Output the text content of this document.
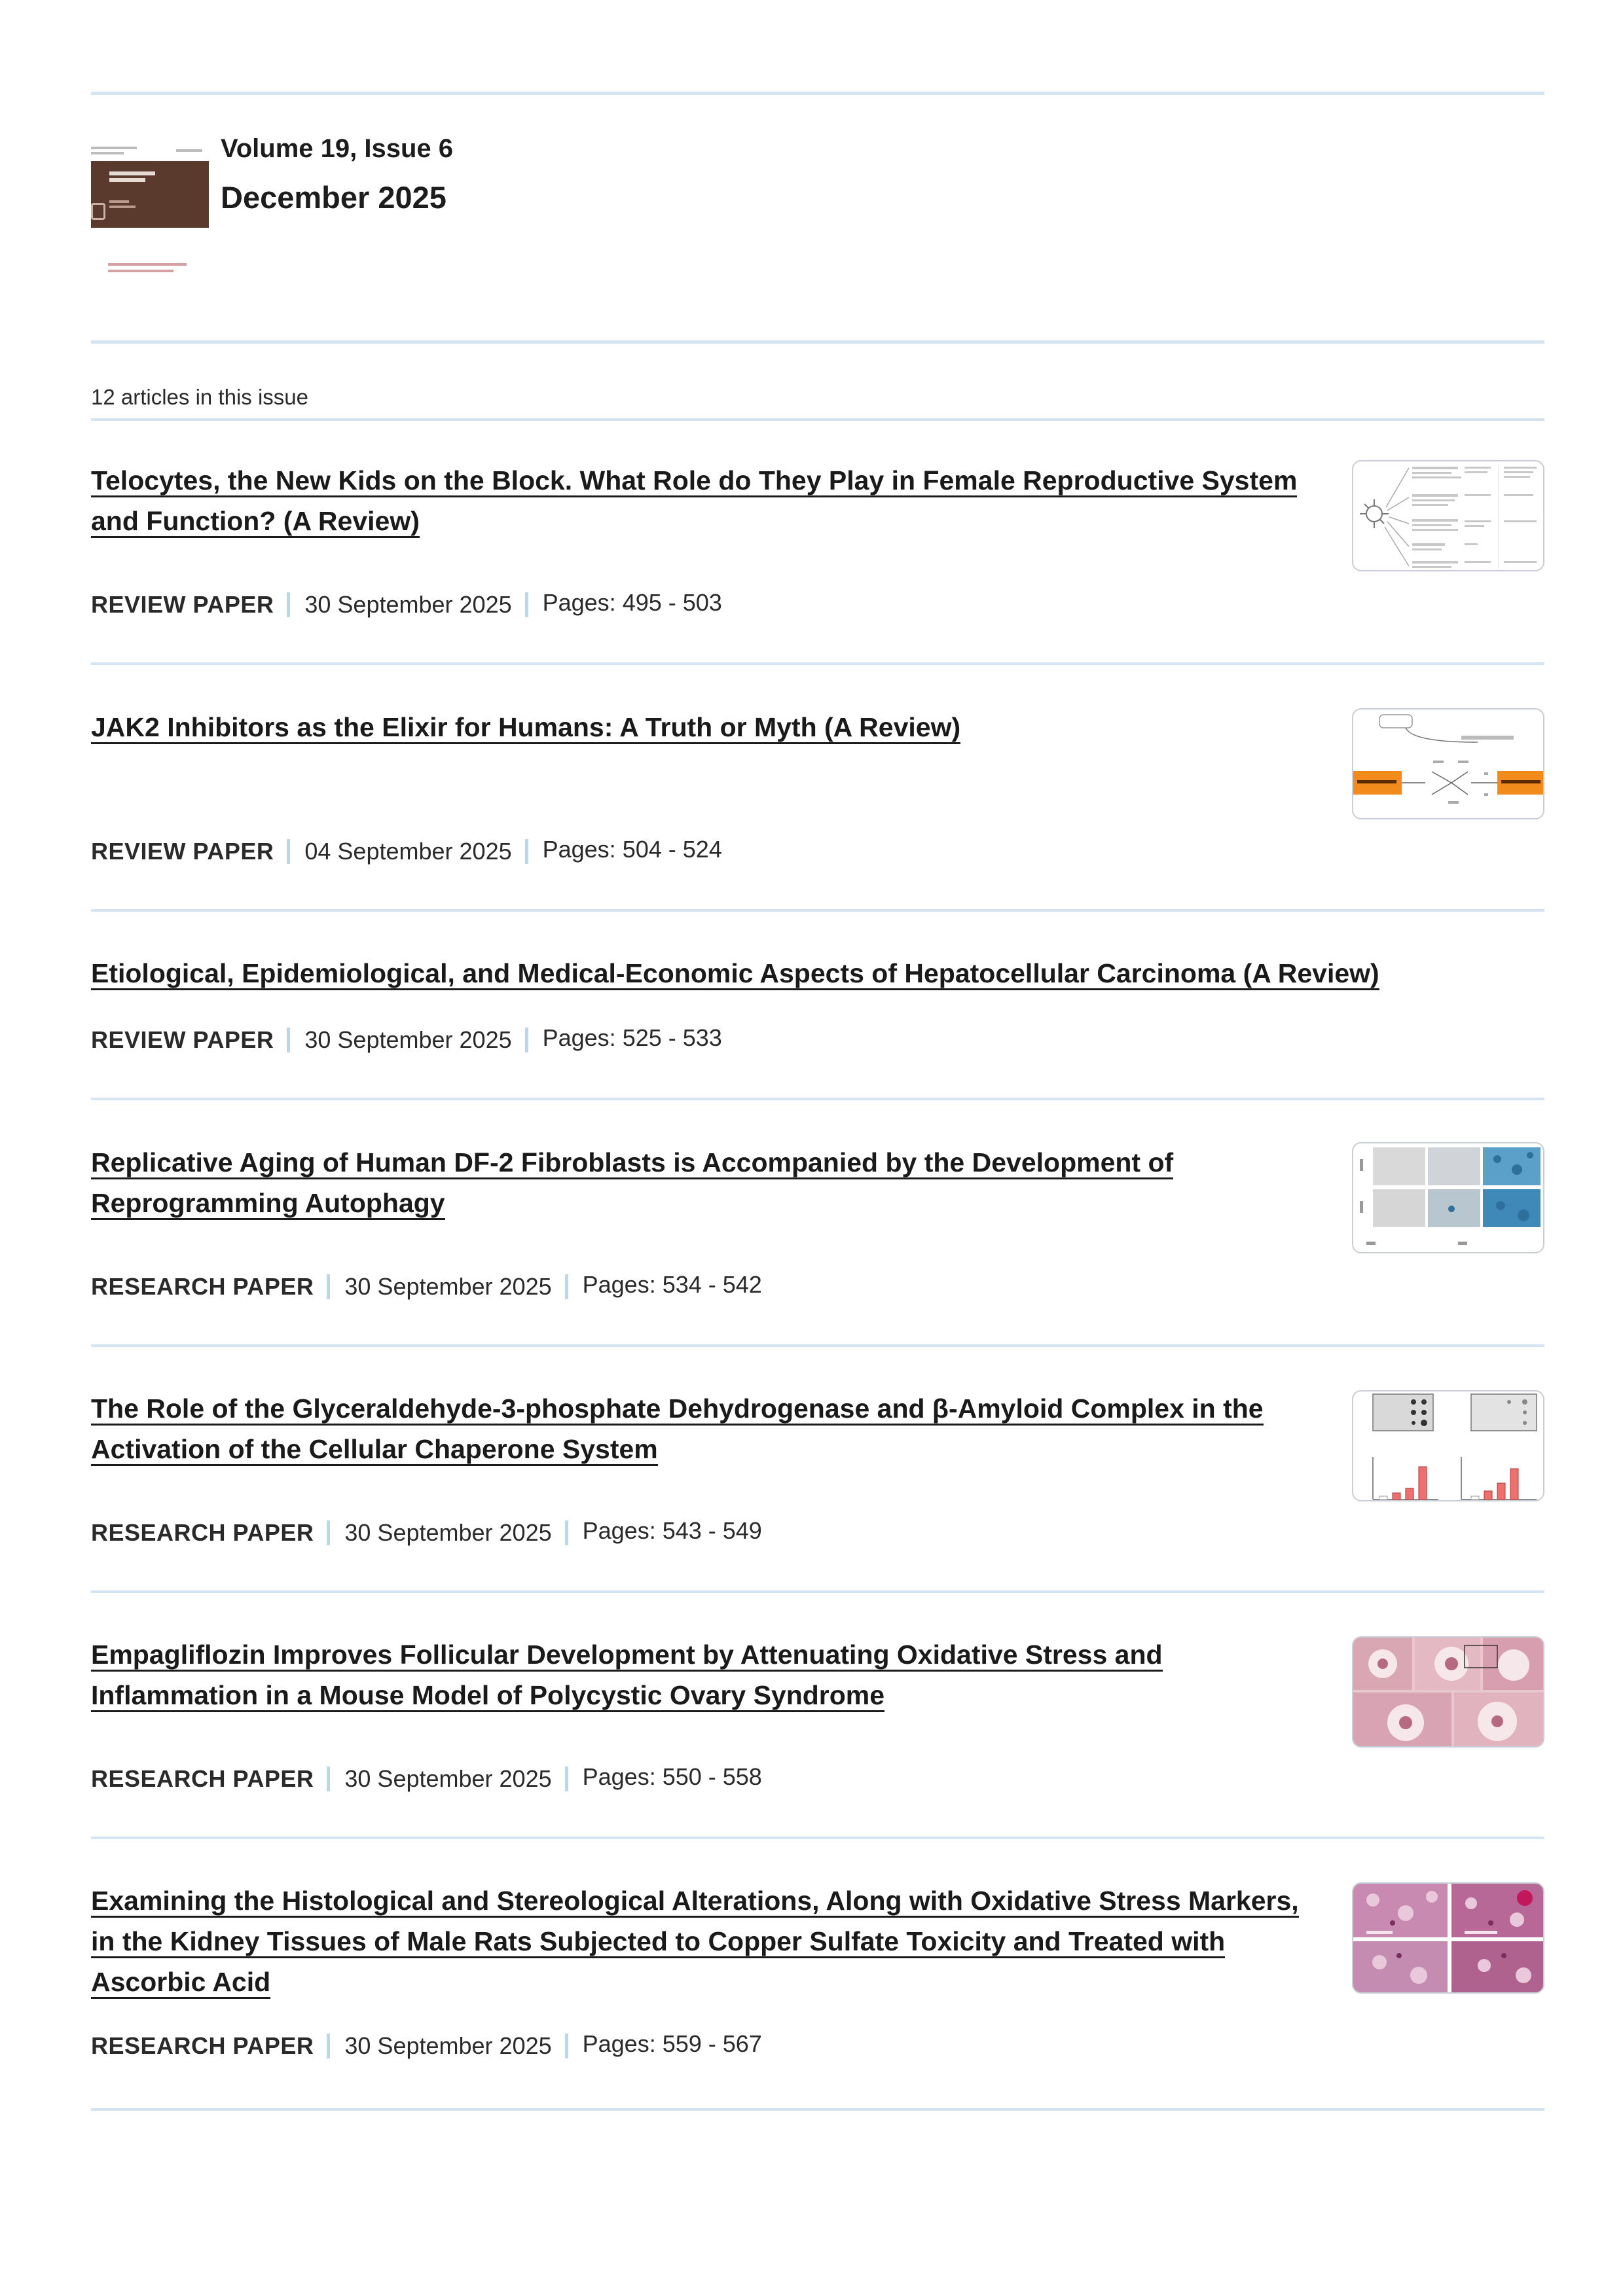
Volume 19, Issue 6
December 2025

12 articles in this issue

Telocytes, the New Kids on the Block. What Role do They Play in Female Reproductive System and Function? (A Review)
REVIEW PAPER 30 September 2025 Pages: 495 - 503
JAK2 Inhibitors as the Elixir for Humans: A Truth or Myth (A Review)
REVIEW PAPER 04 September 2025 Pages: 504 - 524
Etiological, Epidemiological, and Medical-Economic Aspects of Hepatocellular Carcinoma (A Review)
REVIEW PAPER 30 September 2025 Pages: 525 - 533
Replicative Aging of Human DF-2 Fibroblasts is Accompanied by the Development of Reprogramming Autophagy
RESEARCH PAPER 30 September 2025 Pages: 534 - 542
The Role of the Glyceraldehyde-3-phosphate Dehydrogenase and β-Amyloid Complex in the Activation of the Cellular Chaperone System
RESEARCH PAPER 30 September 2025 Pages: 543 - 549
Empagliflozin Improves Follicular Development by Attenuating Oxidative Stress and Inflammation in a Mouse Model of Polycystic Ovary Syndrome
RESEARCH PAPER 30 September 2025 Pages: 550 - 558
Examining the Histological and Stereological Alterations, Along with Oxidative Stress Markers, in the Kidney Tissues of Male Rats Subjected to Copper Sulfate Toxicity and Treated with Ascorbic Acid
RESEARCH PAPER 30 September 2025 Pages: 559 - 567
